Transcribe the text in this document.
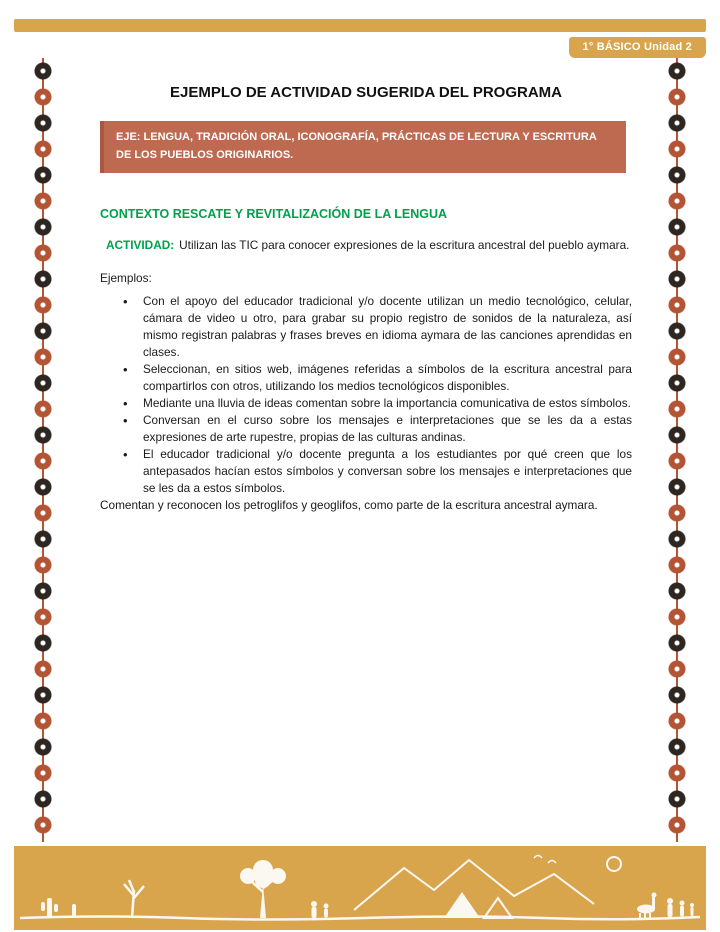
1° BÁSICO Unidad 2
EJEMPLO DE ACTIVIDAD SUGERIDA DEL PROGRAMA
EJE: LENGUA, TRADICIÓN ORAL, ICONOGRAFÍA, PRÁCTICAS DE LECTURA Y ESCRITURA DE LOS PUEBLOS ORIGINARIOS.
CONTEXTO RESCATE Y REVITALIZACIÓN DE LA LENGUA

ACTIVIDAD: Utilizan las TIC para conocer expresiones de la escritura ancestral del pueblo aymara.

Ejemplos:

• Con el apoyo del educador tradicional y/o docente utilizan un medio tecnológico, celular, cámara de video u otro, para grabar su propio registro de sonidos de la naturaleza, así mismo registran palabras y frases breves en idioma aymara de las canciones aprendidas en clases.
• Seleccionan, en sitios web, imágenes referidas a símbolos de la escritura ancestral para compartirlos con otros, utilizando los medios tecnológicos disponibles.
• Mediante una lluvia de ideas comentan sobre la importancia comunicativa de estos símbolos.
• Conversan en el curso sobre los mensajes e interpretaciones que se les da a estas expresiones de arte rupestre, propias de las culturas andinas.
• El educador tradicional y/o docente pregunta a los estudiantes por qué creen que los antepasados hacían estos símbolos y conversan sobre los mensajes e interpretaciones que se les da a estos símbolos.

Comentan y reconocen los petroglifos y geoglifos, como parte de la escritura ancestral aymara.
